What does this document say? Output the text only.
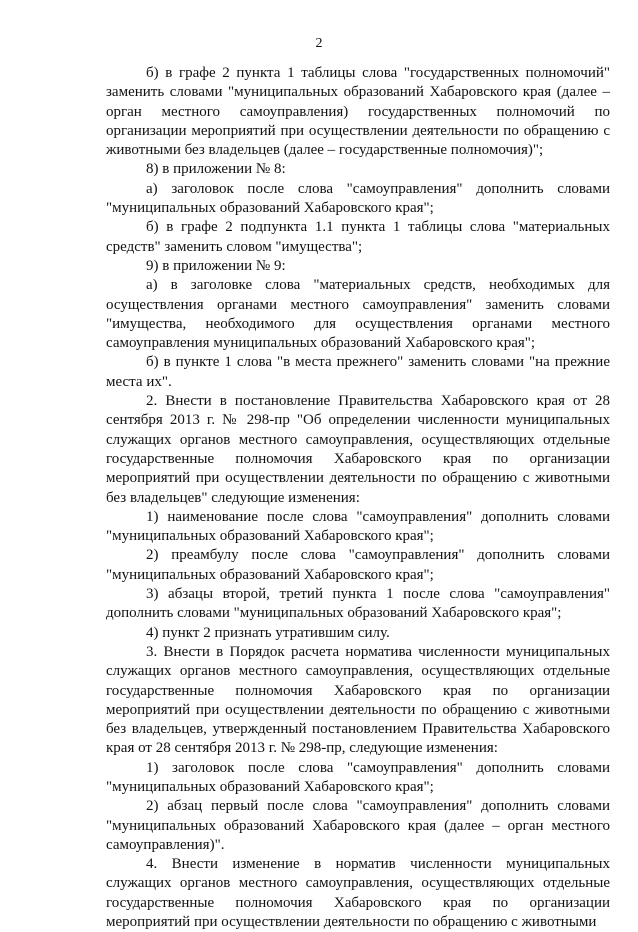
2

б) в графе 2 пункта 1 таблицы слова "государственных полномочий" заменить словами "муниципальных образований Хабаровского края (далее – орган местного самоуправления) государственных полномочий по организации мероприятий при осуществлении деятельности по обращению с животными без владельцев (далее – государственные полномочия)";

8) в приложении № 8:

а) заголовок после слова "самоуправления" дополнить словами "муниципальных образований Хабаровского края";

б) в графе 2 подпункта 1.1 пункта 1 таблицы слова "материальных средств" заменить словом "имущества";

9) в приложении № 9:

а) в заголовке слова "материальных средств, необходимых для осуществления органами местного самоуправления" заменить словами "имущества, необходимого для осуществления органами местного самоуправления муниципальных образований Хабаровского края";

б) в пункте 1 слова "в места прежнего" заменить словами "на прежние места их".

2. Внести в постановление Правительства Хабаровского края от 28 сентября 2013 г. № 298-пр "Об определении численности муниципальных служащих органов местного самоуправления, осуществляющих отдельные государственные полномочия Хабаровского края по организации мероприятий при осуществлении деятельности по обращению с животными без владельцев" следующие изменения:

1) наименование после слова "самоуправления" дополнить словами "муниципальных образований Хабаровского края";

2) преамбулу после слова "самоуправления" дополнить словами "муниципальных образований Хабаровского края";

3) абзацы второй, третий пункта 1 после слова "самоуправления" дополнить словами "муниципальных образований Хабаровского края";

4) пункт 2 признать утратившим силу.

3. Внести в Порядок расчета норматива численности муниципальных служащих органов местного самоуправления, осуществляющих отдельные государственные полномочия Хабаровского края по организации мероприятий при осуществлении деятельности по обращению с животными без владельцев, утвержденный постановлением Правительства Хабаровского края от 28 сентября 2013 г. № 298-пр, следующие изменения:

1) заголовок после слова "самоуправления" дополнить словами "муниципальных образований Хабаровского края";

2) абзац первый после слова "самоуправления" дополнить словами "муниципальных образований Хабаровского края (далее – орган местного самоуправления)".

4. Внести изменение в норматив численности муниципальных служащих органов местного самоуправления, осуществляющих отдельные государственные полномочия Хабаровского края по организации мероприятий при осуществлении деятельности по обращению с животными
